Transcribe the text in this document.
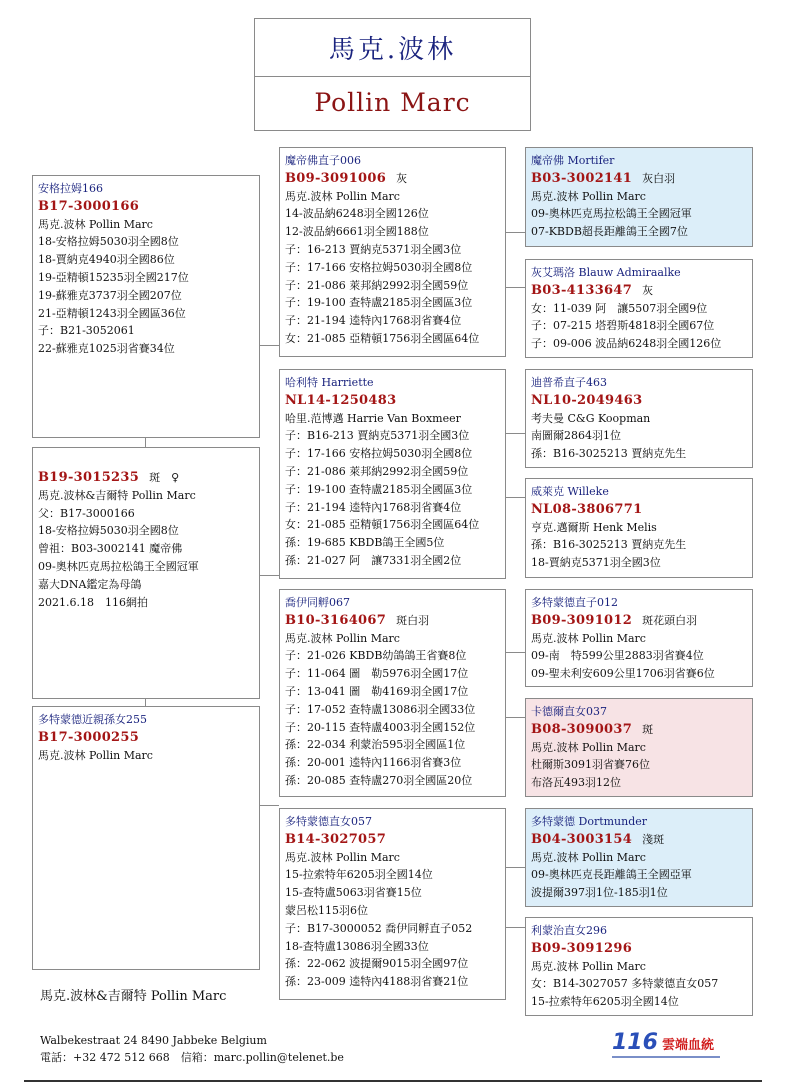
馬克.波林
Pollin Marc
安格拉姆166
B17-3000166
馬克.波林 Pollin Marc
18-安格拉姆5030羽全國8位
18-賈納克4940羽全國86位
19-亞精頓15235羽全國217位
19-蘇雅克3737羽全國207位
21-亞精頓1243羽全國區36位
子：B21-3052061
22-蘇雅克1025羽省賽34位
B19-3015235 斑　♀
馬克.波林&吉爾特 Pollin Marc
父：B17-3000166
18-安格拉姆5030羽全國8位
曾祖：B03-3002141 魔帝佛
09-奧林匹克馬拉松鴿王全國冠軍
嘉大DNA鑑定為母鴿
2021.6.18　116網拍
多特蒙德近親孫女255
B17-3000255
馬克.波林 Pollin Marc
魔帝佛直子006
B09-3091006 灰
馬克.波林 Pollin Marc
14-波品納6248羽全國126位
12-波品納6661羽全國188位
子：16-213 賈納克5371羽全國3位
子：17-166 安格拉姆5030羽全國8位
子：21-086 萊邦納2992羽全國59位
子：19-100 查特盧2185羽全國區3位
子：21-194 逵特內1768羽省賽4位
女：21-085 亞精頓1756羽全國區64位
哈利特 Harriette
NL14-1250483
哈里.范博邁 Harrie Van Boxmeer
子：B16-213 賈納克5371羽全國3位
子：17-166 安格拉姆5030羽全國8位
子：21-086 萊邦納2992羽全國59位
子：19-100 查特盧2185羽全國區3位
子：21-194 逵特內1768羽省賽4位
女：21-085 亞精頓1756羽全國區64位
孫：19-685 KBDB鴿王全國5位
孫：21-027 阿　讓7331羽全國2位
喬伊同孵067
B10-3164067 斑白羽
馬克.波林 Pollin Marc
子：21-026 KBDB幼鴿鴿王省賽8位
子：11-064 圖　勒5976羽全國17位
子：13-041 圖　勒4169羽全國17位
子：17-052 查特盧13086羽全國33位
子：20-115 查特盧4003羽全國152位
孫：22-034 利蒙治595羽全國區1位
孫：20-001 逵特內1166羽省賽3位
孫：20-085 查特盧270羽全國區20位
多特蒙德直女057
B14-3027057
馬克.波林 Pollin Marc
15-拉索特年6205羽全國14位
15-查特盧5063羽省賽15位
蒙呂松115羽6位
子：B17-3000052 喬伊同孵直子052
18-查特盧13086羽全國33位
孫：22-062 波提爾9015羽全國97位
孫：23-009 逵特內4188羽省賽21位
魔帝佛 Mortifer
B03-3002141 灰白羽
馬克.波林 Pollin Marc
09-奧林匹克馬拉松鴿王全國冠軍
07-KBDB超長距離鴿王全國7位
灰艾瑪洛 Blauw Admiraalke
B03-4133647 灰
女：11-039 阿　讓5507羽全國9位
子：07-215 塔碧斯4818羽全國67位
子：09-006 波品納6248羽全國126位
迪普希直子463
NL10-2049463
考夫曼 C&G Koopman
南圖爾2864羽1位
孫：B16-3025213 賈納克先生
威萊克 Willeke
NL08-3806771
亨克.邁爾斯 Henk Melis
孫：B16-3025213 賈納克先生
18-賈納克5371羽全國3位
多特蒙德直子012
B09-3091012 斑花頭白羽
馬克.波林 Pollin Marc
09-南　特599公里2883羽省賽4位
09-聖未利安609公里1706羽省賽6位
卡德爾直女037
B08-3090037 斑
馬克.波林 Pollin Marc
杜爾斯3091羽省賽76位
布洛瓦493羽12位
多特蒙德 Dortmunder
B04-3003154 淺斑
馬克.波林 Pollin Marc
09-奧林匹克長距離鴿王全國亞軍
波提爾397羽1位-185羽1位
利蒙治直女296
B09-3091296
馬克.波林 Pollin Marc
女：B14-3027057 多特蒙德直女057
15-拉索特年6205羽全國14位
馬克.波林&吉爾特 Pollin Marc
Walbekestraat 24 8490 Jabbeke Belgium
電話：+32 472 512 668　信箱：marc.pollin@telenet.be
116 雲端血統
